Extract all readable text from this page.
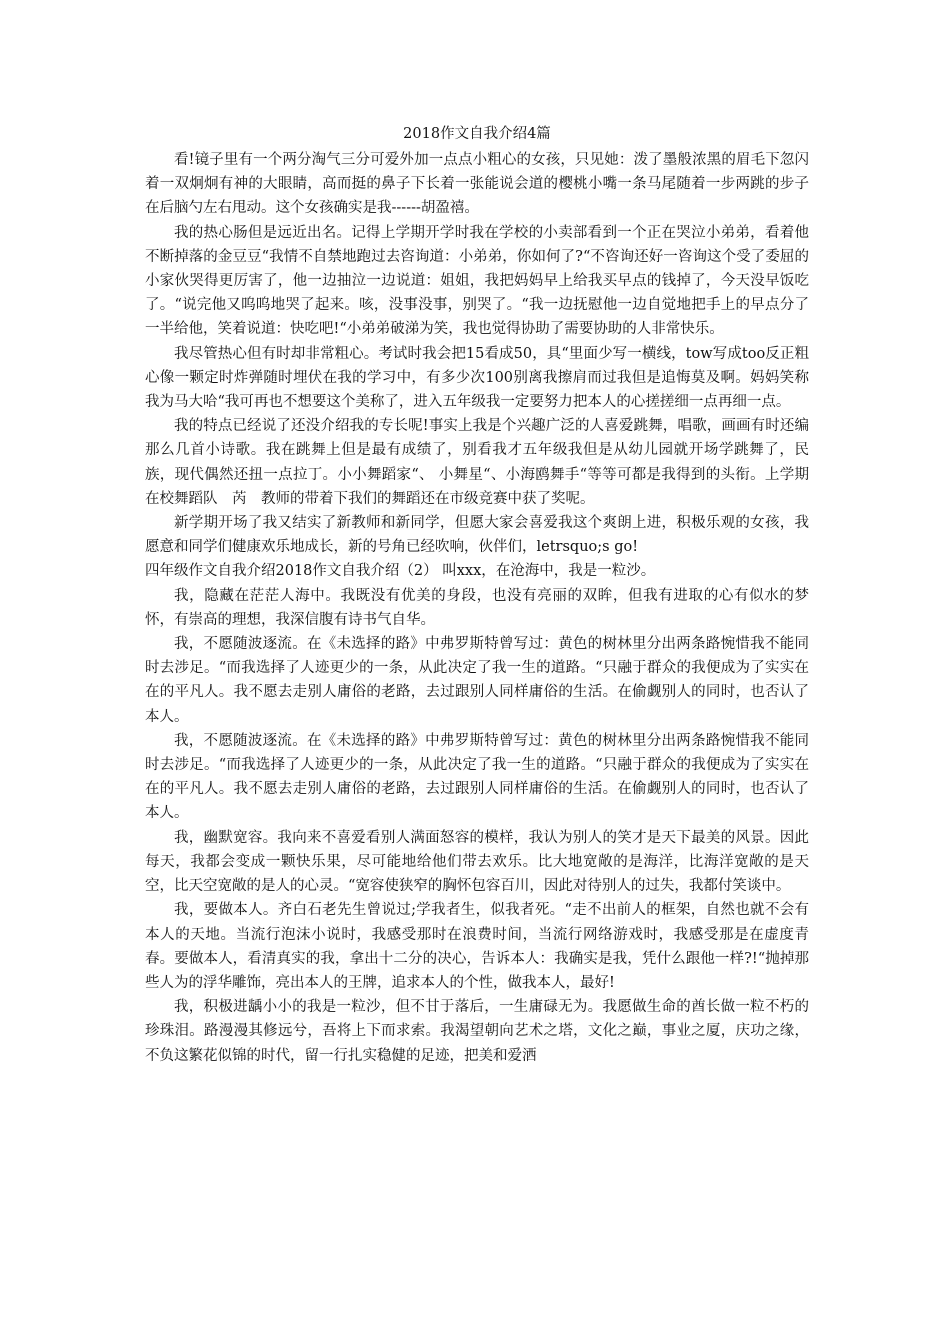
2018作文自我介绍4篇

看!镜子里有一个两分淘气三分可爱外加一点点小粗心的女孩，只见她：泼了墨般浓黑的眉毛下忽闪着一双炯炯有神的大眼睛，高而挺的鼻子下长着一张能说会道的樱桃小嘴一条马尾随着一步两跳的步子在后脑勺左右甩动。这个女孩确实是我------胡盈禧。

我的热心肠但是远近出名。记得上学期开学时我在学校的小卖部看到一个正在哭泣小弟弟，看着他不断掉落的金豆豆“我情不自禁地跑过去咨询道：小弟弟，你如何了?“不咨询还好一咨询这个受了委屈的小家伙哭得更厉害了，他一边抽泣一边说道：姐姐，我把妈妈早上给我买早点的钱掉了，今天没早饭吃了。“说完他又呜呜地哭了起来。咳，没事没事，别哭了。“我一边抚慰他一边自觉地把手上的早点分了一半给他，笑着说道：快吃吧!“小弟弟破涕为笑，我也觉得协助了需要协助的人非常快乐。

我尽管热心但有时却非常粗心。考试时我会把15看成50，具“里面少写一横线，tow写成too反正粗心像一颗定时炸弹随时埋伏在我的学习中，有多少次100别离我擦肩而过我但是追悔莫及啊。妈妈笑称我为马大哈“我可再也不想要这个美称了，进入五年级我一定要努力把本人的心搓搓细一点再细一点。

我的特点已经说了还没介绍我的专长呢!事实上我是个兴趣广泛的人喜爱跳舞，唱歌，画画有时还编那么几首小诗歌。我在跳舞上但是最有成绩了，别看我才五年级我但是从幼儿园就开场学跳舞了，民族，现代偶然还扭一点拉丁。小小舞蹈家“、 小舞星“、小海鸥舞手“等等可都是我得到的头衔。上学期在校舞蹈队　芮　教师的带着下我们的舞蹈还在市级竞赛中获了奖呢。

新学期开场了我又结实了新教师和新同学，但愿大家会喜爱我这个爽朗上进，积极乐观的女孩，我愿意和同学们健康欢乐地成长，新的号角已经吹响，伙伴们，letrsquo;s go!

四年级作文自我介绍2018作文自我介绍（2） 叫xxx，在沧海中，我是一粒沙。

我，隐藏在茫茫人海中。我既没有优美的身段，也没有亮丽的双眸，但我有进取的心有似水的梦怀，有崇高的理想，我深信腹有诗书气自华。

我，不愿随波逐流。在《未选择的路》中弗罗斯特曾写过：黄色的树林里分出两条路惋惜我不能同时去涉足。“而我选择了人迹更少的一条，从此决定了我一生的道路。“只融于群众的我便成为了实实在在的平凡人。我不愿去走别人庸俗的老路，去过跟别人同样庸俗的生活。在偷觑别人的同时，也否认了本人。

我，不愿随波逐流。在《未选择的路》中弗罗斯特曾写过：黄色的树林里分出两条路惋惜我不能同时去涉足。“而我选择了人迹更少的一条，从此决定了我一生的道路。“只融于群众的我便成为了实实在在的平凡人。我不愿去走别人庸俗的老路，去过跟别人同样庸俗的生活。在偷觑别人的同时，也否认了本人。

我，幽默宽容。我向来不喜爱看别人满面怒容的模样，我认为别人的笑才是天下最美的风景。因此每天，我都会变成一颗快乐果，尽可能地给他们带去欢乐。比大地宽敞的是海洋，比海洋宽敞的是天空，比天空宽敞的是人的心灵。“宽容使狭窄的胸怀包容百川，因此对待别人的过失，我都付笑谈中。

我，要做本人。齐白石老先生曾说过;学我者生，似我者死。“走不出前人的框架，自然也就不会有本人的天地。当流行泡沫小说时，我感受那时在浪费时间，当流行网络游戏时，我感受那是在虚度青春。要做本人，看清真实的我，拿出十二分的决心，告诉本人：我确实是我，凭什么跟他一样?!“抛掉那些人为的浮华雕饰，亮出本人的王牌，追求本人的个性，做我本人，最好!

我，积极进龋小小的我是一粒沙，但不甘于落后，一生庸碌无为。我愿做生命的酋长做一粒不朽的珍珠泪。路漫漫其修远兮，吾将上下而求索。我渴望朝向艺术之塔，文化之巅，事业之厦，庆功之缘，不负这繁花似锦的时代，留一行扎实稳健的足迹，把美和爱洒
